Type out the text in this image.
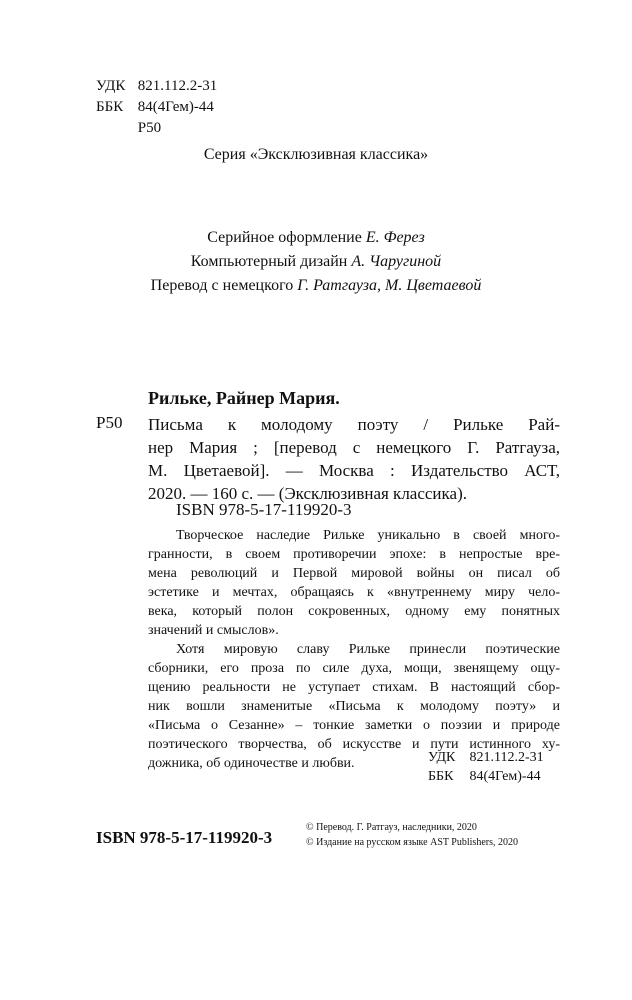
УДК 821.112.2-31
ББК 84(4Гем)-44
Р50
Серия «Эксклюзивная классика»
Серийное оформление Е. Ферез
Компьютерный дизайн А. Чаругиной
Перевод с немецкого Г. Ратгауза, М. Цветаевой
Рильке, Райнер Мария.
Р50 Письма к молодому поэту / Рильке Рай-
нер Мария ; [перевод с немецкого Г. Ратгауза,
М. Цветаевой]. — Москва : Издательство АСТ,
2020. — 160 с. — (Эксклюзивная классика).
ISBN 978-5-17-119920-3
Творческое наследие Рильке уникально в своей много-
гранности, в своем противоречии эпохе: в непростые вре-
мена революций и Первой мировой войны он писал об
эстетике и мечтах, обращаясь к «внутреннему миру чело-
века, который полон сокровенных, одному ему понятных
значений и смыслов».
Хотя мировую славу Рильке принесли поэтические
сборники, его проза по силе духа, мощи, звенящему ощу-
щению реальности не уступает стихам. В настоящий сбор-
ник вошли знаменитые «Письма к молодому поэту» и
«Письма о Сезанне» – тонкие заметки о поэзии и природе
поэтического творчества, об искусстве и пути истинного ху-
дожника, об одиночестве и любви.	УДК 821.112.2-31
ББК 84(4Гем)-44
ISBN 978-5-17-119920-3
© Перевод. Г. Ратгауз, наследники, 2020
© Издание на русском языке AST Publishers, 2020
